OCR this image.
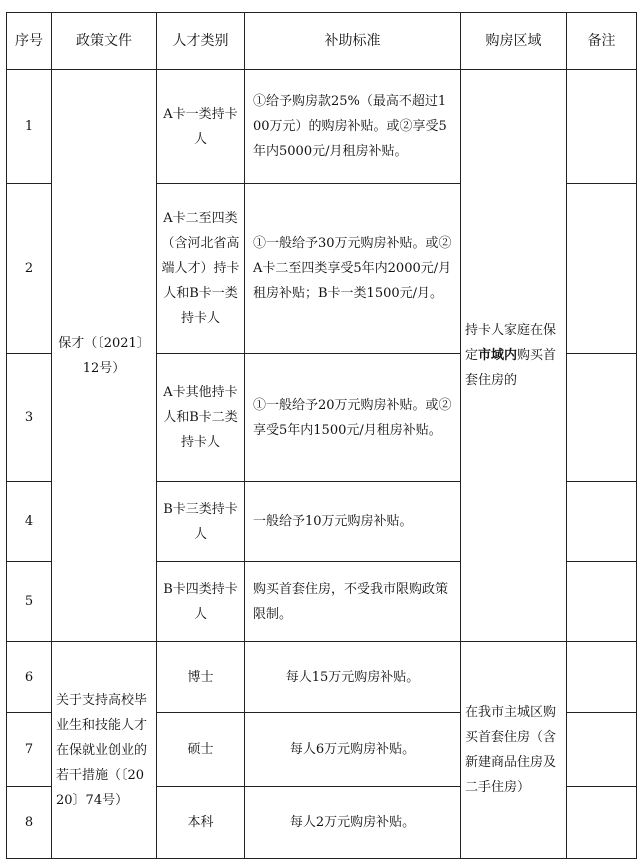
序号	政策文件	人才类别	补助标准	购房区域	备注
1	保才（〔2021〕12号）	A卡一类持卡人	①给予购房款25%（最高不超过100万元）的购房补贴。或②享受5年内5000元/月租房补贴。	持卡人家庭在保定市域内购买首套住房的	
2		A卡二至四类（含河北省高端人才）持卡人和B卡一类持卡人	①一般给予30万元购房补贴。或②A卡二至四类享受5年内2000元/月租房补贴；B卡一类1500元/月。		
3		A卡其他持卡人和B卡二类持卡人	①一般给予20万元购房补贴。或②享受5年内1500元/月租房补贴。		
4		B卡三类持卡人	一般给予10万元购房补贴。		
5		B卡四类持卡人	购买首套住房，不受我市限购政策限制。		
6	关于支持高校毕业生和技能人才在保就业创业的若干措施（〔2020〕74号）	博士	每人15万元购房补贴。	在我市主城区购买首套住房（含新建商品住房及二手住房）	
7		硕士	每人6万元购房补贴。		
8		本科	每人2万元购房补贴。		
